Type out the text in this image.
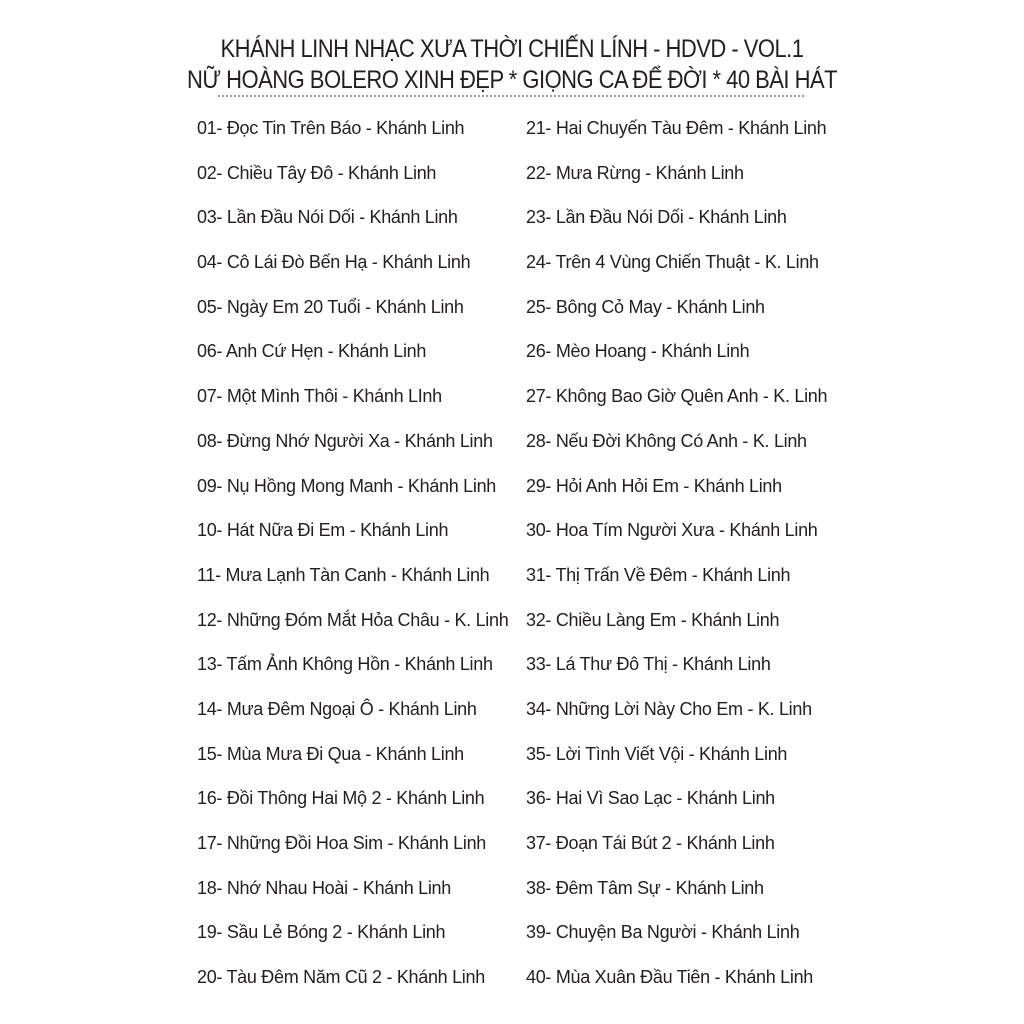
KHÁNH LINH NHẠC XƯA THỜI CHIẾN LÍNH - HDVD - VOL.1
NỮ HOÀNG BOLERO XINH ĐẸP * GIỌNG CA ĐỂ ĐỜI * 40 BÀI HÁT
01- Đọc Tin Trên Báo - Khánh Linh
02- Chiều Tây Đô - Khánh Linh
03- Lần Đầu Nói Dối - Khánh Linh
04- Cô Lái Đò Bến Hạ - Khánh Linh
05- Ngày Em 20 Tuổi - Khánh Linh
06- Anh Cứ Hẹn - Khánh Linh
07- Một Mình Thôi - Khánh LInh
08- Đừng Nhớ Người Xa - Khánh Linh
09- Nụ Hồng Mong Manh - Khánh Linh
10- Hát Nữa Đi Em - Khánh Linh
11- Mưa Lạnh Tàn Canh - Khánh Linh
12- Những Đóm Mắt Hỏa Châu - K. Linh
13- Tấm Ảnh Không Hồn - Khánh Linh
14- Mưa Đêm Ngoại Ô - Khánh Linh
15- Mùa Mưa Đi Qua - Khánh Linh
16- Đồi Thông Hai Mộ 2 - Khánh Linh
17- Những Đồi Hoa Sim - Khánh Linh
18- Nhớ Nhau Hoài - Khánh Linh
19- Sầu Lẻ Bóng 2 - Khánh Linh
20- Tàu Đêm Năm Cũ 2 - Khánh Linh
21- Hai Chuyến Tàu Đêm - Khánh Linh
22- Mưa Rừng - Khánh Linh
23- Lần Đầu Nói Dối - Khánh Linh
24- Trên 4 Vùng Chiến Thuật - K. Linh
25- Bông Cỏ May - Khánh Linh
26- Mèo Hoang - Khánh Linh
27- Không Bao Giờ Quên Anh - K. Linh
28- Nếu Đời Không Có Anh - K. Linh
29- Hỏi Anh Hỏi Em - Khánh Linh
30- Hoa Tím Người Xưa - Khánh Linh
31- Thị Trấn Về Đêm - Khánh Linh
32- Chiều Làng Em - Khánh Linh
33- Lá Thư Đô Thị - Khánh Linh
34- Những Lời Này Cho Em - K. Linh
35- Lời Tình Viết Vội - Khánh Linh
36- Hai Vì Sao Lạc - Khánh Linh
37- Đoạn Tái Bút 2 - Khánh Linh
38- Đêm Tâm Sự - Khánh Linh
39- Chuyện Ba Người - Khánh Linh
40- Mùa Xuân Đầu Tiên - Khánh Linh
